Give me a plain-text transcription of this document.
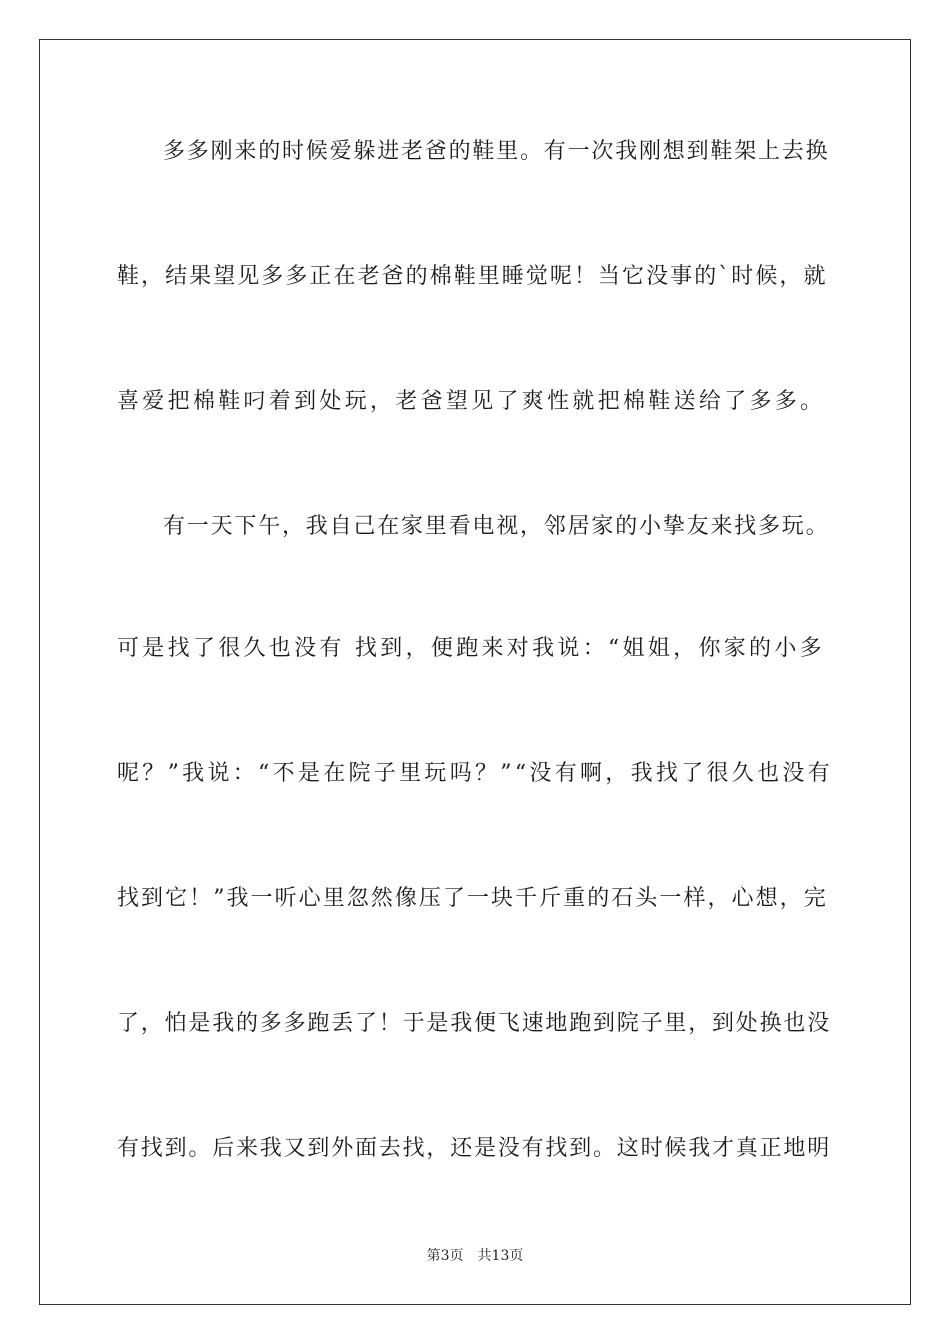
多多刚来的时候爱躲进老爸的鞋里。有一次我刚想到鞋架上去换
鞋，结果望见多多正在老爸的棉鞋里睡觉呢！当它没事的`时候，就
喜爱把棉鞋叼着到处玩，老爸望见了爽性就把棉鞋送给了多多。
有一天下午，我自己在家里看电视，邻居家的小挚友来找多玩。
可是找了很久也没有 找到，便跑来对我说：“姐姐，你家的小多
呢？”我说：“不是在院子里玩吗？”“没有啊，我找了很久也没有
找到它！”我一听心里忽然像压了一块千斤重的石头一样，心想，完
了，怕是我的多多跑丢了！于是我便飞速地跑到院子里，到处换也没
有找到。后来我又到外面去找，还是没有找到。这时候我才真正地明
第3页 共13页
